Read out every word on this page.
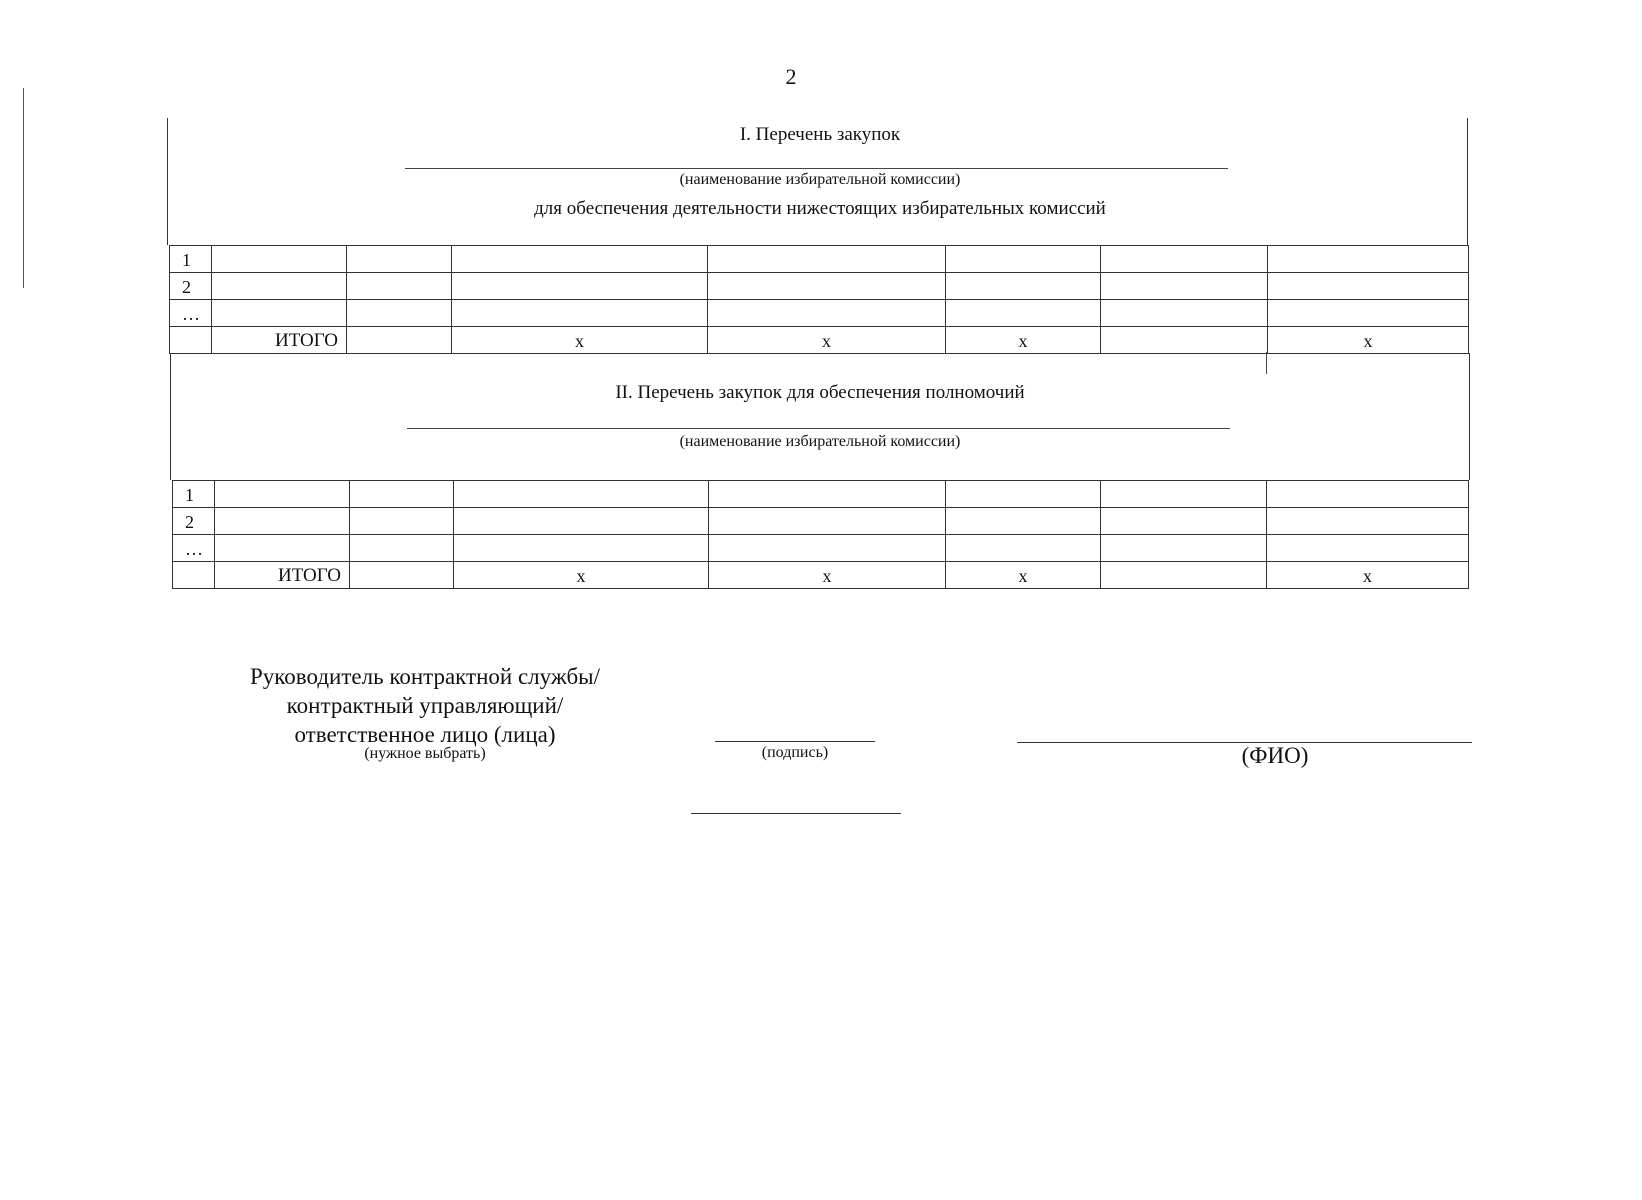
2
I. Перечень закупок
(наименование избирательной комиссии)
для обеспечения деятельности нижестоящих избирательных комиссий
1							
2							
…							
	ИТОГО		x	x	x		x
II. Перечень закупок для обеспечения полномочий
(наименование избирательной комиссии)
1							
2							
…							
	ИТОГО		x	x	x		x
Руководитель контрактной службы/
контрактный управляющий/
ответственное лицо (лица)
(нужное выбрать)	(подпись)	(ФИО)
